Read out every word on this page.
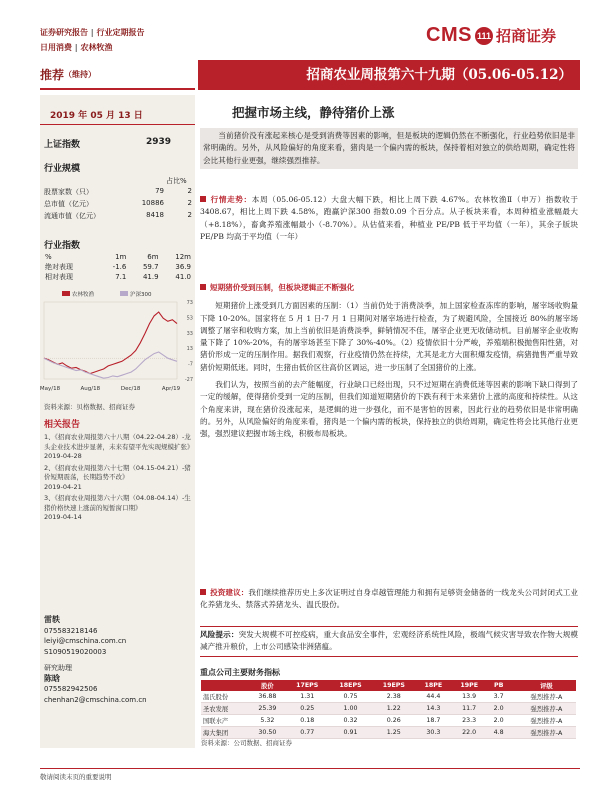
证券研究报告 | 行业定期报告
日用消费 | 农林牧渔
CMS 111 招商证券
推荐 （维持）	招商农业周报第六十九期（05.06-05.12）
2019 年 05 月 13 日
上证指数	2939
行业规模
占比%
股票家数（只）	79	2
总市值（亿元）	10886	2
流通市值（亿元）	8418	2
行业指数
%	1m	6m	12m
绝对表现	-1.6	59.7	36.9
相对表现	7.1	41.9	41.0
农林牧渔	沪深300
73
53
33
13
-7
-27
May/18	Aug/18	Dec/18	Apr/19
资料来源：贝格数据、招商证券
相关报告
1、《招商农业周报第六十八期（04.22-04.28）-龙头企业技术进步显著，未来有望平先实现规模扩张》
2019-04-28
2、《招商农业周报第六十七期（04.15-04.21）-猪价短期震荡，长期趋势不改》
2019-04-21
3、《招商农业周报第六十六期（04.08-04.14）-生猪价格快速上涨前的短暂窗口期》
2019-04-14
雷轶
075583218146
leiyi@cmschina.com.cn
S1090519020003
研究助理
陈晗
075582942506
chenhan2@cmschina.com.cn
把握市场主线，静待猪价上涨

当前猪价没有涨起来核心是受到消费等因素的影响，但是板块的逻辑仍然在不断强化，行业趋势依旧是非常明确的。另外，从风险偏好的角度来看，猪肉是一个偏内需的板块，保持着相对独立的供给周期，确定性将会比其他行业更强，继续强烈推荐。

行情走势：本周（05.06-05.12）大盘大幅下跌，相比上周下跌 4.67%。农林牧渔Ⅱ（申万）指数收于 3408.67，相比上周下跌 4.58%，跑赢沪深300 指数0.09 个百分点。从子板块来看，本周种植业涨幅最大（+8.18%），畜禽养殖涨幅最小（-8.70%）。从估值来看，种植业 PE/PB 低于平均值（一年），其余子版块 PE/PB 均高于平均值（一年）
短期猪价受到压制，但板块逻辑正不断强化

短期猪价上涨受到几方面因素的压制：（1）当前仍处于消费淡季，加上国家检查冻库的影响，屠宰场收购量下降 10-20%。国家将在 5 月 1 日-7 月 1 日期间对屠宰场进行检查，为了规避风险，全国接近 80%的屠宰场调整了屠宰和收购方案，加上当前依旧是消费淡季，鲜销情况不佳，屠宰企业更无收储动机。目前屠宰企业收购量下降了 10%-20%，有的屠宰场甚至下降了 30%-40%。（2）疫情依旧十分严峻，养殖端积极抛售阳性猪，对猪价形成一定的压制作用。据我们观察，行业疫情仍然在持续，尤其是北方大面积爆发疫情，病猪抛售严重导致猪价短期低迷。同时，生猪由低价区往高价区调运，进一步压制了全国猪价的上涨。

我们认为，按照当前的去产能幅度，行业缺口已经出现，只不过短期在消费低迷等因素的影响下缺口得到了一定的缓解，使得猪价受到一定的压制，但我们知道短期猪价的下跌有利于未来猪价上涨的高度和持续性。从这个角度来讲，现在猪价没涨起来，是逻辑的进一步强化，而不是害怕的因素，因此行业的趋势依旧是非常明确的。另外，从风险偏好的角度来看，猪肉是一个偏内需的板块，保持独立的供给周期，确定性将会比其他行业更强，强烈建议把握市场主线，积极布局板块。

投资建议：我们继续推荐历史上多次证明过自身卓越管理能力和拥有足够资金储备的一线龙头公司封闭式工业化养猪龙头、禁落式养猪龙头、温氏股份。
风险提示：突发大规模不可控疫病，重大食品安全事件，宏观经济系统性风险，极端气候灾害导致农作物大规模减产推升粮价，上市公司感染非洲猪瘟。
重点公司主要财务指标
	股价	17EPS	18EPS	19EPS	18PE	19PE	PB		评级
温氏股份	36.88	1.31	0.75	2.38	44.4	13.9	3.7		强烈推荐-A
圣农发展	25.39	0.25	1.00	1.22	14.3	11.7	2.0		强烈推荐-A
国联水产	5.32	0.18	0.32	0.26	18.7	23.3	2.0		强烈推荐-A
海大集团	30.50	0.77	0.91	1.25	30.3	22.0	4.8		强烈推荐-A
资料来源：公司数据、招商证券
敬请阅读末页的重要说明
